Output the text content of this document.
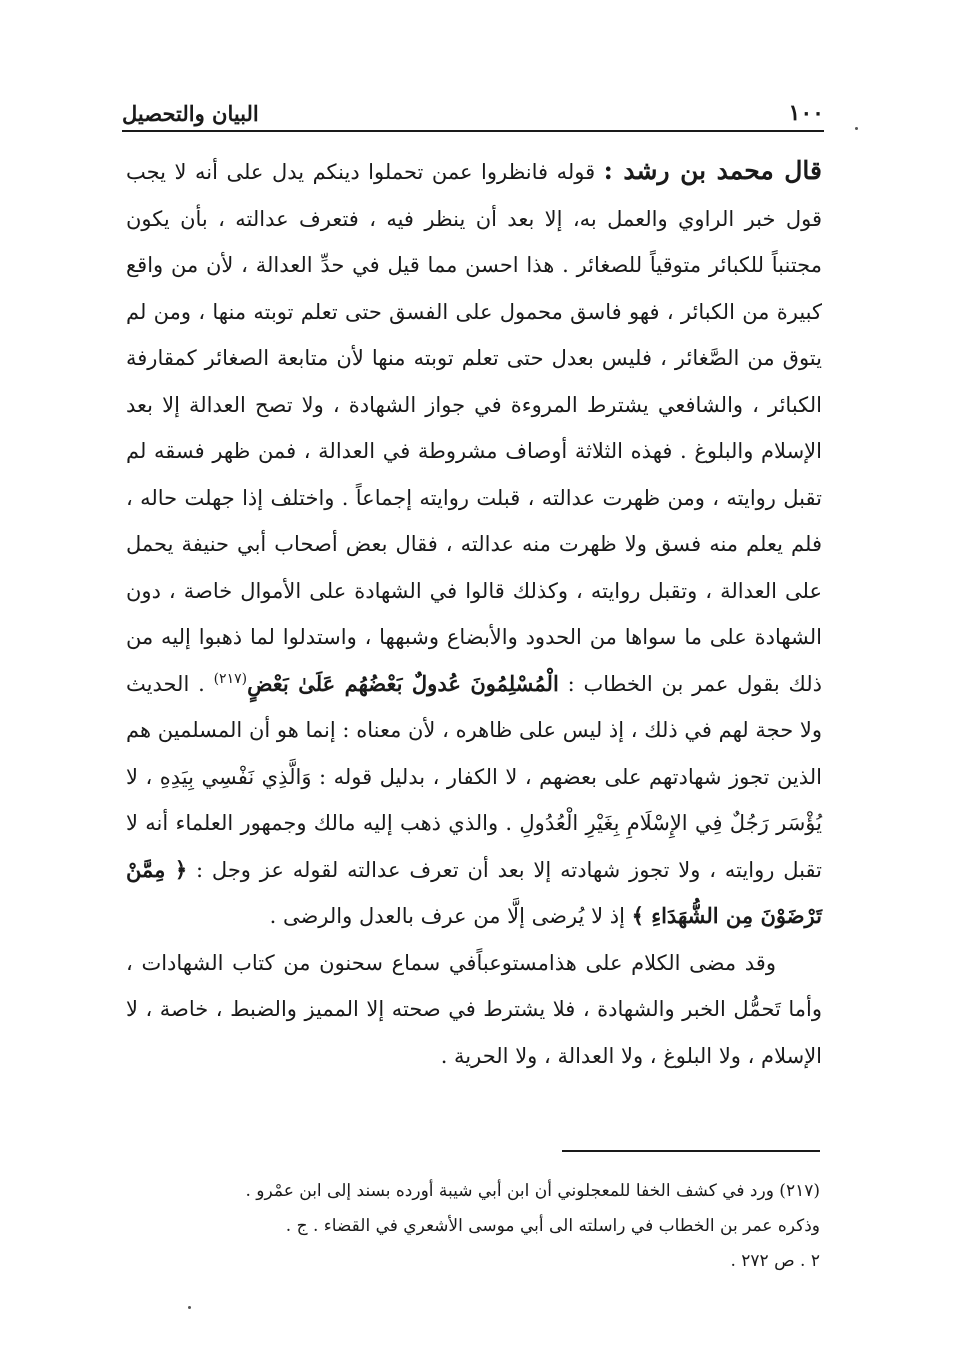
١٠٠
البيان والتحصيل

قال محمد بن رشد : قوله فانظروا عمن تحملوا دينكم يدل على أنه لا يجب قول خبر الراوي والعمل به، إلا بعد أن ينظر فيه ، فتعرف عدالته ، بأن يكون مجتنباً للكبائر متوقياً للصغائر . هذا احسن مما قيل في حدِّ العدالة ، لأن من واقع كبيرة من الكبائر ، فهو فاسق محمول على الفسق حتى تعلم توبته منها ، ومن لم يتوق من الصَّغائر ، فليس بعدل حتى تعلم توبته منها لأن متابعة الصغائر كمقارفة الكبائر ، والشافعي يشترط المروءة في جواز الشهادة ، ولا تصح العدالة إلا بعد الإسلام والبلوغ . فهذه الثلاثة أوصاف مشروطة في العدالة ، فمن ظهر فسقه لم تقبل روايته ، ومن ظهرت عدالته ، قبلت روايته إجماعاً . واختلف إذا جهلت حاله ، فلم يعلم منه فسق ولا ظهرت منه عدالته ، فقال بعض أصحاب أبي حنيفة يحمل على العدالة ، وتقبل روايته ، وكذلك قالوا في الشهادة على الأموال خاصة ، دون الشهادة على ما سواها من الحدود والأبضاع وشبهها ، واستدلوا لما ذهبوا إليه من ذلك بقول عمر بن الخطاب : الْمُسْلِمُونَ عُدولٌ بَعْضُهُم عَلَىٰ بَعْضٍ$^{(٢١٧)}$ . الحديث ولا حجة لهم في ذلك ، إذ ليس على ظاهره ، لأن معناه : إنما هو أن المسلمين هم الذين تجوز شهادتهم على بعضهم ، لا الكفار ، بدليل قوله : وَالَّذِي نَفْسِي بِيَدِهِ ، لا يُؤْسَر رَجُلٌ فِي الإِسْلَامِ بِغَيْرِ الْعُدُولِ . والذي ذهب إليه مالك وجمهور العلماء أنه لا تقبل روايته ، ولا تجوز شهادته إلا بعد أن تعرف عدالته لقوله عز وجل : ﴿ مِمَّنْ تَرْضَوْنَ مِن الشُّهَدَاءِ ﴾ إذ لا يُرضى إلَّا من عرف بالعدل والرضى .

وقد مضى الكلام على هذامستوعباًفي سماع سحنون من كتاب الشهادات ، وأما تَحمُّل الخبر والشهادة ، فلا يشترط في صحته إلا المميز والضبط ، خاصة ، لا الإسلام ، ولا البلوغ ، ولا العدالة ، ولا الحرية .

(٢١٧) ورد في كشف الخفا للمعجلوني أن ابن أبي شيبة أورده بسند إلى ابن عمْرو .

وذكره عمر بن الخطاب في راسلته الى أبي موسى الأشعري في القضاء . ج .

٢ . ص ٢٧٢ .
